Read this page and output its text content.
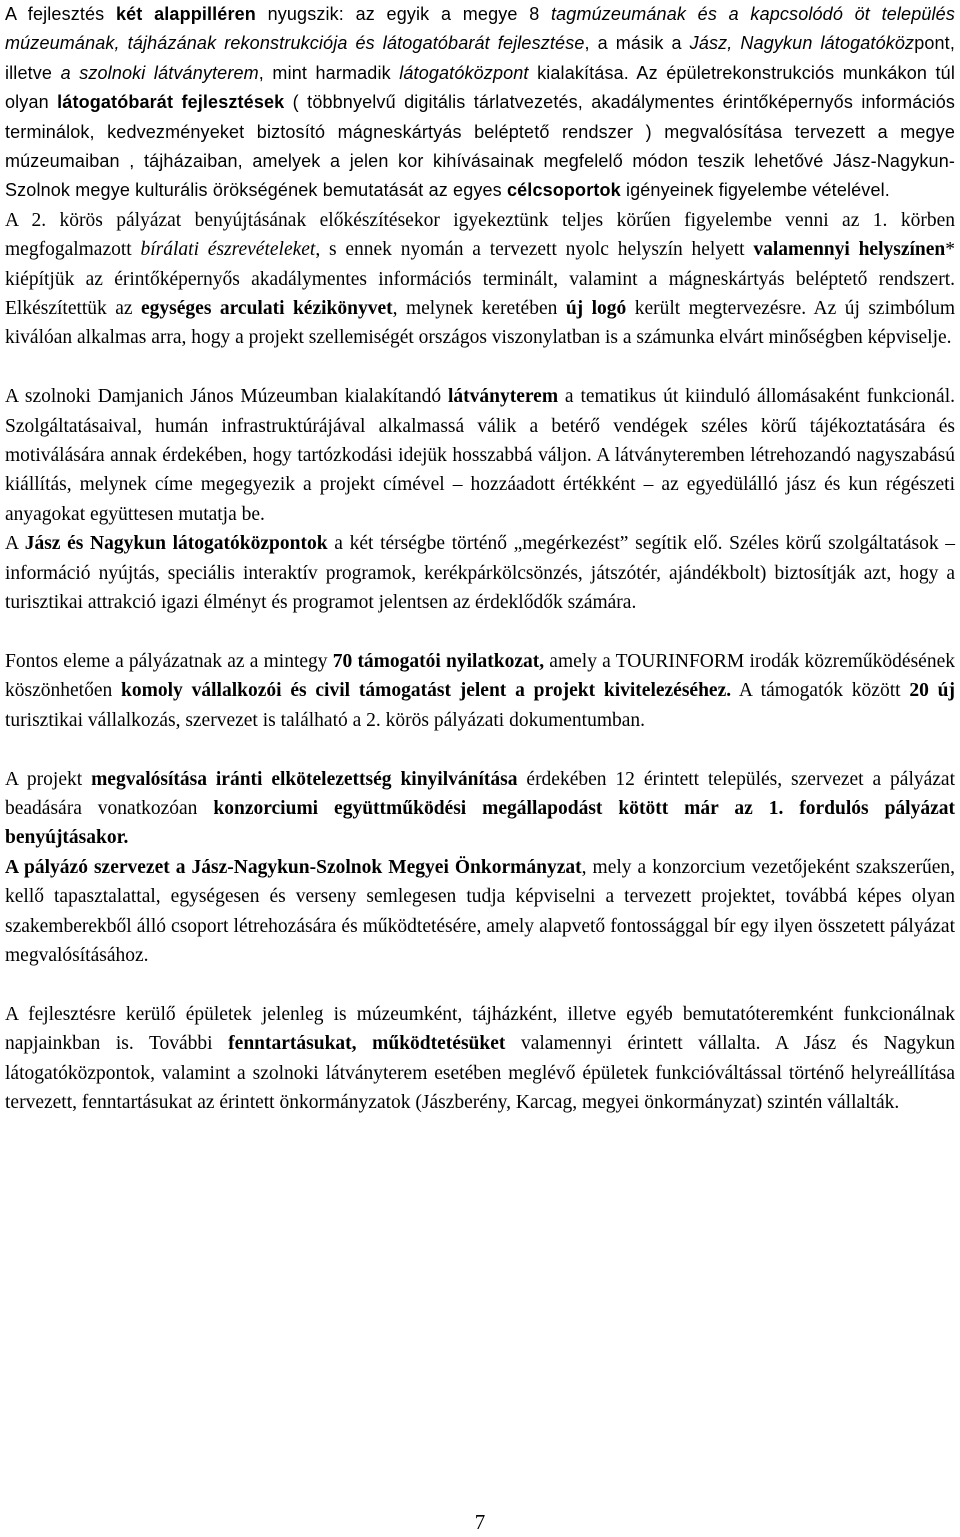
A fejlesztés két alappilléren nyugszik: az egyik a megye 8 tagmúzeumának és a kapcsolódó öt település múzeumának, tájházának rekonstrukciója és látogatóbarát fejlesztése, a másik a Jász, Nagykun látogatóközpont, illetve a szolnoki látványterem, mint harmadik látogatóközpont kialakítása. Az épületrekonstrukciós munkákon túl olyan látogatóbarát fejlesztések ( többnyelvű digitális tárlatvezetés, akadálymentes érintőképernyős információs terminálok, kedvezményeket biztosító mágneskártyás beléptető rendszer ) megvalósítása tervezett a megye múzeumaiban , tájházaiban, amelyek a jelen kor kihívásainak megfelelő módon teszik lehetővé Jász-Nagykun-Szolnok megye kulturális örökségének bemutatását az egyes célcsoportok igényeinek figyelembe vételével.

A 2. körös pályázat benyújtásának előkészítésekor igyekeztünk teljes körűen figyelembe venni az 1. körben megfogalmazott bírálati észrevételeket, s ennek nyomán a tervezett nyolc helyszín helyett valamennyi helyszínen* kiépítjük az érintőképernyős akadálymentes információs terminált, valamint a mágneskártyás beléptető rendszert. Elkészítettük az egységes arculati kézikönyvet, melynek keretében új logó került megtervezésre. Az új szimbólum kiválóan alkalmas arra, hogy a projekt szellemiségét országos viszonylatban is a számunka elvárt minőségben képviselje.

A szolnoki Damjanich János Múzeumban kialakítandó látványterem a tematikus út kiinduló állomásaként funkcionál. Szolgáltatásaival, humán infrastruktúrájával alkalmassá válik a betérő vendégek széles körű tájékoztatására és motiválására annak érdekében, hogy tartózkodási idejük hosszabbá váljon. A látványteremben létrehozandó nagyszabású kiállítás, melynek címe megegyezik a projekt címével – hozzáadott értékként – az egyedülálló jász és kun régészeti anyagokat együttesen mutatja be.

A Jász és Nagykun látogatóközpontok a két térségbe történő „megérkezést” segítik elő. Széles körű szolgáltatások – információ nyújtás, speciális interaktív programok, kerékpárkölcsönzés, játszótér, ajándékbolt) biztosítják azt, hogy a turisztikai attrakció igazi élményt és programot jelentsen az érdeklődők számára.

Fontos eleme a pályázatnak az a mintegy 70 támogatói nyilatkozat, amely a TOURINFORM irodák közreműködésének köszönhetően komoly vállalkozói és civil támogatást jelent a projekt kivitelezéséhez. A támogatók között 20 új turisztikai vállalkozás, szervezet is található a 2. körös pályázati dokumentumban.

A projekt megvalósítása iránti elkötelezettség kinyilvánítása érdekében 12 érintett település, szervezet a pályázat beadására vonatkozóan konzorciumi együttműködési megállapodást kötött már az 1. fordulós pályázat benyújtásakor.

A pályázó szervezet a Jász-Nagykun-Szolnok Megyei Önkormányzat, mely a konzorcium vezetőjeként szakszerűen, kellő tapasztalattal, egységesen és verseny semlegesen tudja képviselni a tervezett projektet, továbbá képes olyan szakemberekből álló csoport létrehozására és működtetésére, amely alapvető fontossággal bír egy ilyen összetett pályázat megvalósításához.

A fejlesztésre kerülő épületek jelenleg is múzeumként, tájházként, illetve egyéb bemutatóteremként funkcionálnak napjainkban is. További fenntartásukat, működtetésüket valamennyi érintett vállalta. A Jász és Nagykun látogatóközpontok, valamint a szolnoki látványterem esetében meglévő épületek funkcióváltással történő helyreállítása tervezett, fenntartásukat az érintett önkormányzatok (Jászberény, Karcag, megyei önkormányzat) szintén vállalták.

7
